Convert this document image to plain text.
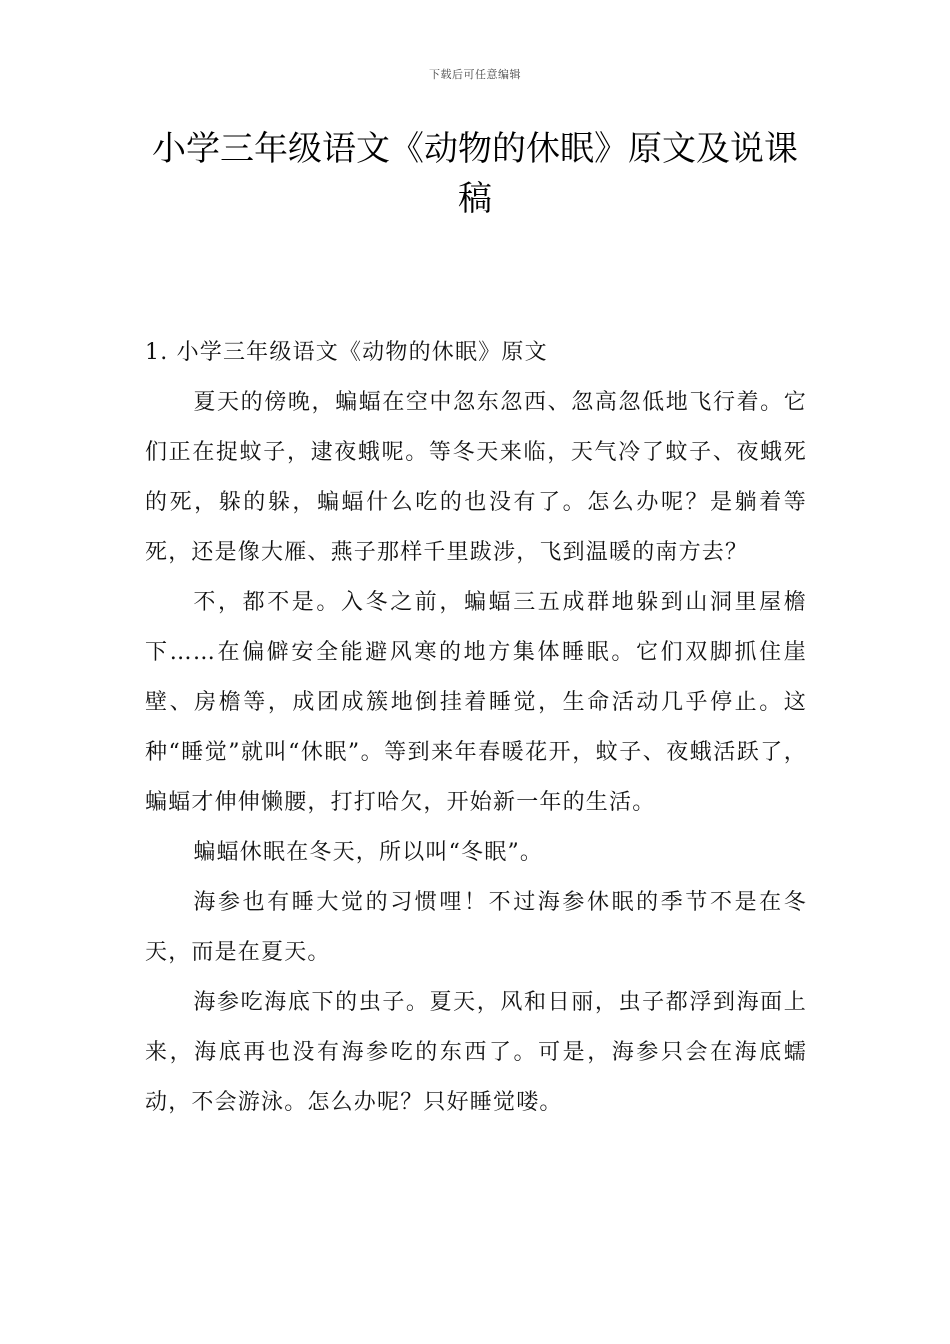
下载后可任意编辑
小学三年级语文《动物的休眠》原文及说课稿

1. 小学三年级语文《动物的休眠》原文

夏天的傍晚，蝙蝠在空中忽东忽西、忽高忽低地飞行着。它们正在捉蚊子，逮夜蛾呢。等冬天来临，天气冷了蚊子、夜蛾死的死，躲的躲，蝙蝠什么吃的也没有了。怎么办呢？是躺着等死，还是像大雁、燕子那样千里跋涉，飞到温暖的南方去？

不，都不是。入冬之前，蝙蝠三五成群地躲到山洞里屋檐下……在偏僻安全能避风寒的地方集体睡眠。它们双脚抓住崖壁、房檐等，成团成簇地倒挂着睡觉，生命活动几乎停止。这种“睡觉”就叫“休眠”。等到来年春暖花开，蚊子、夜蛾活跃了，蝙蝠才伸伸懒腰，打打哈欠，开始新一年的生活。

蝙蝠休眠在冬天，所以叫“冬眠”。

海参也有睡大觉的习惯哩！不过海参休眠的季节不是在冬天，而是在夏天。

海参吃海底下的虫子。夏天，风和日丽，虫子都浮到海面上来，海底再也没有海参吃的东西了。可是，海参只会在海底蠕动，不会游泳。怎么办呢？只好睡觉喽。
